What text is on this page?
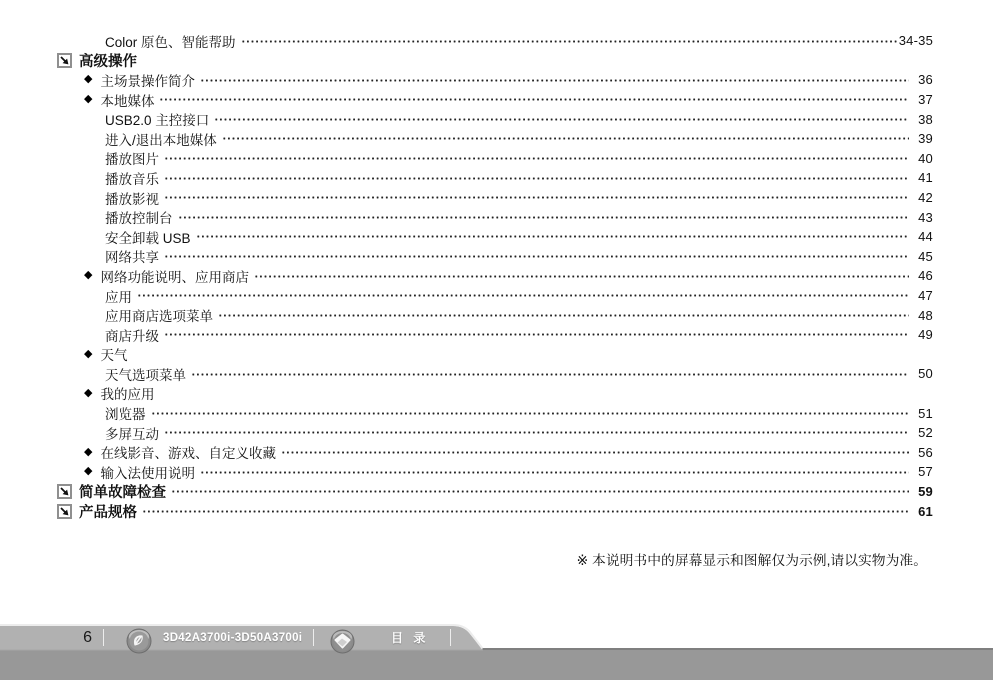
Color 原色、智能帮助	34-35
高级操作
◆ 主场景操作简介	36
◆ 本地媒体	37
USB2.0 主控接口	38
进入/退出本地媒体	39
播放图片	40
播放音乐	41
播放影视	42
播放控制台	43
安全卸载 USB	44
网络共享	45
◆ 网络功能说明、应用商店	46
应用	47
应用商店选项菜单	48
商店升级	49
◆ 天气
天气选项菜单	50
◆ 我的应用
浏览器	51
多屏互动	52
◆ 在线影音、游戏、自定义收藏	56
◆ 输入法使用说明	57
简单故障检查	59
产品规格	61
※ 本说明书中的屏幕显示和图解仅为示例,请以实物为准。
6	3D42A3700i-3D50A3700i	目 录
